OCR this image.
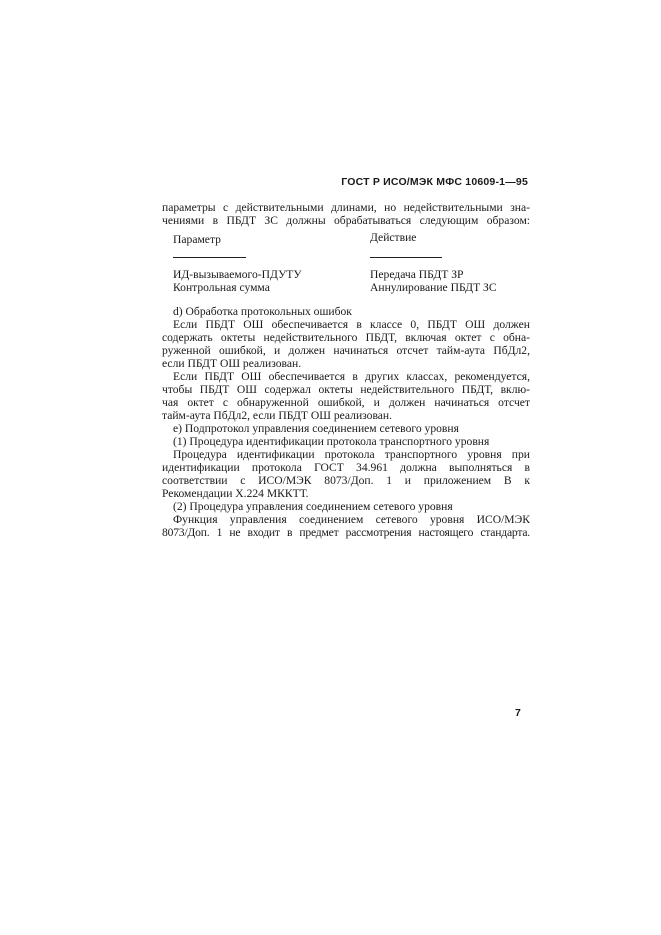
ГОСТ Р ИСО/МЭК МФС 10609-1—95
параметры с действительными длинами, но недействительными зна-
чениями в ПБДТ ЗС должны обрабатываться следующим образом:
Параметр	Действие
ИД-вызываемого-ПДУТУ	Передача ПБДТ ЗР
Контрольная сумма	Аннулирование ПБДТ ЗС
d) Обработка протокольных ошибок
Если ПБДТ ОШ обеспечивается в классе 0, ПБДТ ОШ должен
содержать октеты недействительного ПБДТ, включая октет с обна-
руженной ошибкой, и должен начинаться отсчет тайм-аута ПбДл2,
если ПБДТ ОШ реализован.
Если ПБДТ ОШ обеспечивается в других классах, рекомендуется,
чтобы ПБДТ ОШ содержал октеты недействительного ПБДТ, вклю-
чая октет с обнаруженной ошибкой, и должен начинаться отсчет
тайм-аута ПбДл2, если ПБДТ ОШ реализован.
e) Подпротокол управления соединением сетевого уровня
(1) Процедура идентификации протокола транспортного уровня
Процедура идентификации протокола транспортного уровня при
идентификации протокола ГОСТ 34.961 должна выполняться в
соответствии с ИСО/МЭК 8073/Доп. 1 и приложением В к
Рекомендации X.224 МККТТ.
(2) Процедура управления соединением сетевого уровня
Функция управления соединением сетевого уровня ИСО/МЭК
8073/Доп. 1 не входит в предмет рассмотрения настоящего стандарта.
7
